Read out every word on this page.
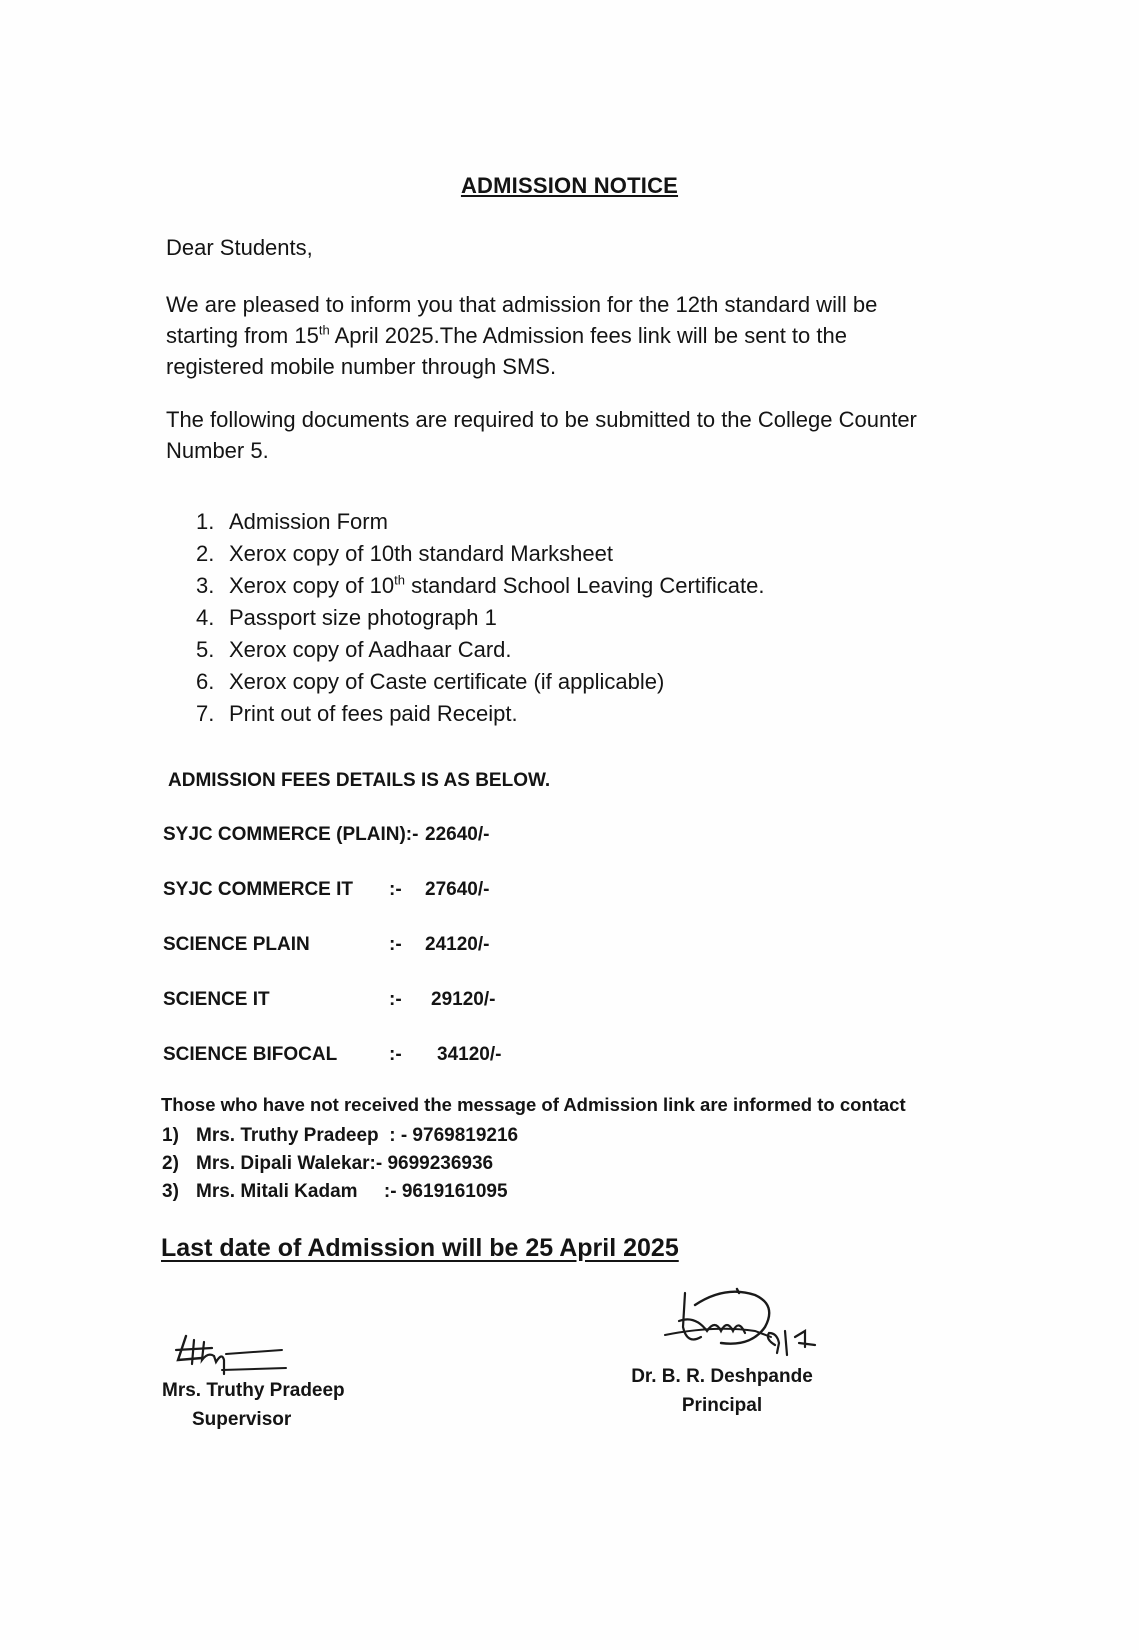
ADMISSION NOTICE
Dear Students,
We are pleased to inform you that admission for the 12th standard will be
starting from 15th April 2025.The Admission fees link will be sent to the
registered mobile number through SMS.
The following documents are required to be submitted to the College Counter
Number 5.
1. Admission Form
2. Xerox copy of 10th standard Marksheet
3. Xerox copy of 10th standard School Leaving Certificate.
4. Passport size photograph 1
5. Xerox copy of Aadhaar Card.
6. Xerox copy of Caste certificate (if applicable)
7. Print out of fees paid Receipt.
ADMISSION FEES DETAILS IS AS BELOW.
SYJC COMMERCE (PLAIN):- 22640/-
SYJC COMMERCE IT :- 27640/-
SCIENCE PLAIN	:- 24120/-
SCIENCE IT	:- 29120/-
SCIENCE BIFOCAL	:- 34120/-
Those who have not received the message of Admission link are informed to contact
1) Mrs. Truthy Pradeep  : - 9769819216
2) Mrs. Dipali Walekar:- 9699236936
3) Mrs. Mitali Kadam     :- 9619161095
Last date of Admission will be 25 April 2025
Mrs. Truthy Pradeep
Supervisor
Dr. B. R. Deshpande
Principal
